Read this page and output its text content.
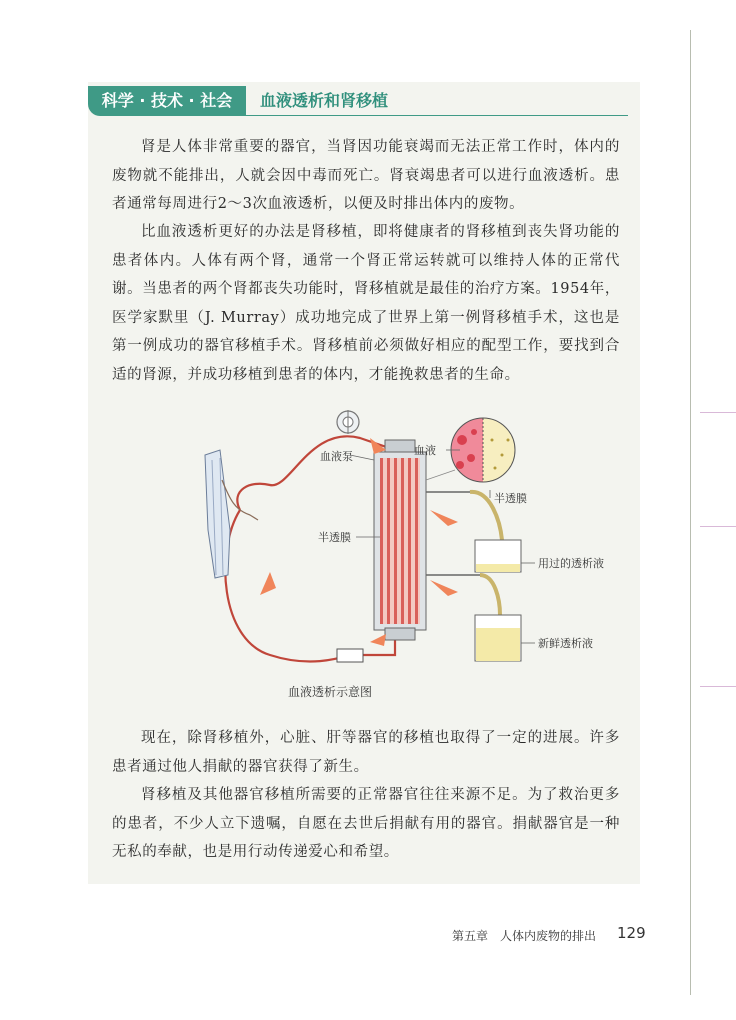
科学 · 技术 · 社会	血液透析和肾移植

肾是人体非常重要的器官，当肾因功能衰竭而无法正常工作时，体内的废物就不能排出，人就会因中毒而死亡。肾衰竭患者可以进行血液透析。患者通常每周进行2～3次血液透析，以便及时排出体内的废物。

比血液透析更好的办法是肾移植，即将健康者的肾移植到丧失肾功能的患者体内。人体有两个肾，通常一个肾正常运转就可以维持人体的正常代谢。当患者的两个肾都丧失功能时，肾移植就是最佳的治疗方案。1954年，医学家默里（J. Murray）成功地完成了世界上第一例肾移植手术，这也是第一例成功的器官移植手术。肾移植前必须做好相应的配型工作，要找到合适的肾源，并成功移植到患者的体内，才能挽救患者的生命。

血液泵	血液
半透膜
半透膜
用过的透析液
新鲜透析液
血液透析示意图

现在，除肾移植外，心脏、肝等器官的移植也取得了一定的进展。许多患者通过他人捐献的器官获得了新生。

肾移植及其他器官移植所需要的正常器官往往来源不足。为了救治更多的患者，不少人立下遗嘱，自愿在去世后捐献有用的器官。捐献器官是一种无私的奉献，也是用行动传递爱心和希望。

第五章　人体内废物的排出 129
